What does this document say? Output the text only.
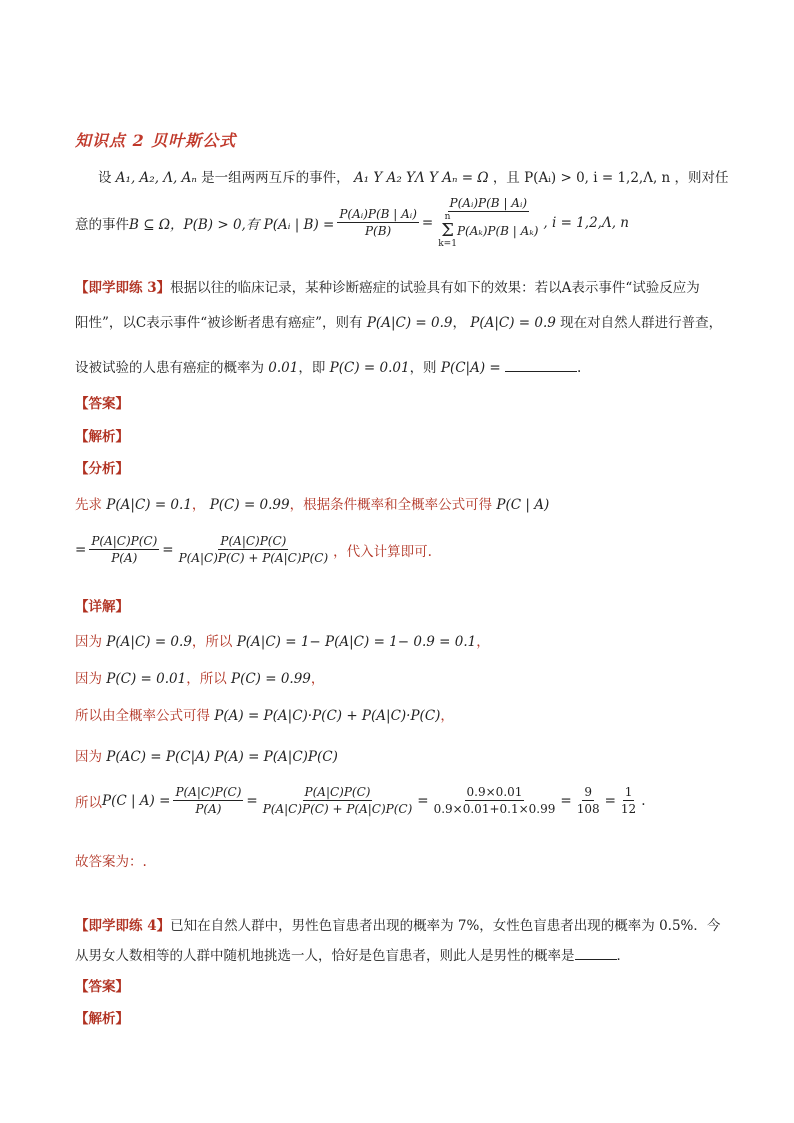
知识点 2 贝叶斯公式
设 A₁, A₂, Λ, Aₙ 是一组两两互斥的事件， A₁ Y A₂ YΛ Y Aₙ = Ω ，且 P(Aᵢ) > 0, i = 1,2,Λ, n ，则对任
意的事件 B ⊆ Ω，P(B) > 0 ,有 P(Aᵢ | $B) = \frac{\text{P(Aᵢ)P(B | Aᵢ)}}{P(B)}$ = P(Aᵢ)P(B | Aᵢ)
n
Σ
k=1
P(Aₖ)P(B | Aₖ) , i = 1,2,Λ, n
【即学即练 3】根据以往的临床记录，某种诊断癌症的试验具有如下的效果：若以A表示事件“试验反应为
阳性”，以C表示事件“被诊断者患有癌症”，则有 P(A|C) = 0.9， P(A|C) = 0.9 现在对自然人群进行普查，
设被试验的人患有癌症的概率为 0.01，即 P(C) = 0.01，则 P(C|A) =	.
【答案】
【解析】
【分析】
先求 P(A|C) = 0.1， P(C) = 0.99，根据条件概率和全概率公式可得 P(C | A)
= $\frac{P(A|C)P(C)}{P(A)} = \frac{P(A|C)P(C)}{P(A|C)P(C) + P(A|C)P(C)}$ ，代入计算即可.
【详解】
因为 P(A|C) = 0.9，所以 P(A|C) = 1− P(A|C) = 1− 0.9 = 0.1，
因为 P(C) = 0.01，所以 P(C) = 0.99，
所以由全概率公式可得 P(A) = P(A|C)·P(C) + P(A|C)·P(C)，
因为 P(AC) = P(C|A) P(A) = P(A|C)P(C)
所以 P(C | $A) = \frac{P(A|C)P(C)}{P(A)} = \frac{P(A|C)P(C)}{P(A|C)P(C) + P(A|C)P(C)} = \frac{0.9\times 0.01}{0.9\times 0.01+0.1\times 0.99} = \frac{9}{108} = \frac{1}{12}$ .
故答案为：.
【即学即练 4】已知在自然人群中，男性色盲患者出现的概率为 7%，女性色盲患者出现的概率为 0.5%．今
从男女人数相等的人群中随机地挑选一人，恰好是色盲患者，则此人是男性的概率是	．
【答案】
【解析】
